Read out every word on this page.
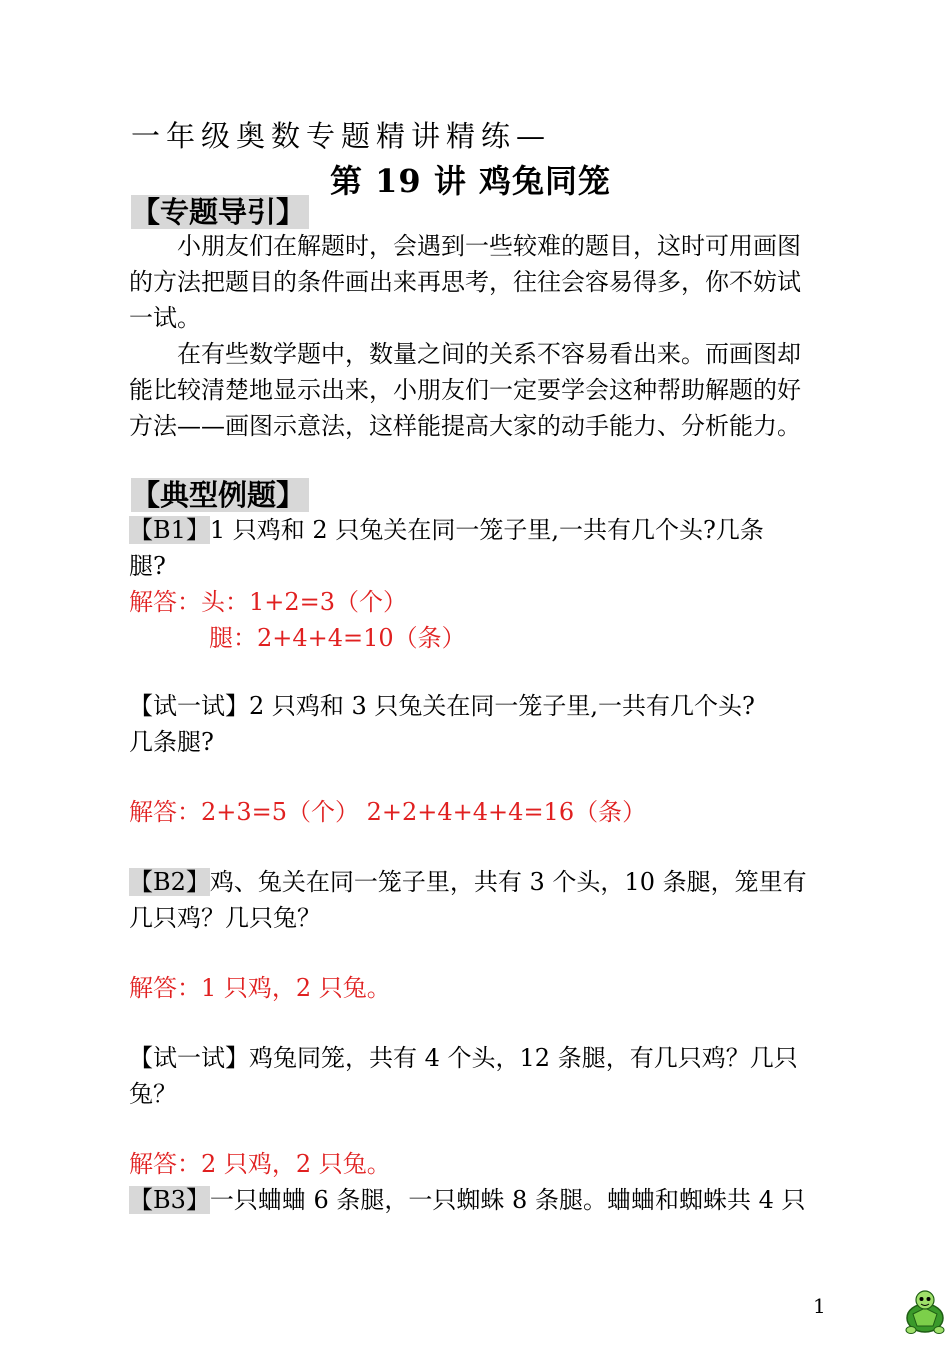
一年级奥数专题精讲精练—
第 19 讲 鸡兔同笼
【专题导引】
小朋友们在解题时，会遇到一些较难的题目，这时可用画图的方法把题目的条件画出来再思考，往往会容易得多，你不妨试一试。
在有些数学题中，数量之间的关系不容易看出来。而画图却能比较清楚地显示出来，小朋友们一定要学会这种帮助解题的好方法——画图示意法，这样能提高大家的动手能力、分析能力。
【典型例题】
【B1】1 只鸡和 2 只兔关在同一笼子里,一共有几个头?几条
腿?
解答：头：1+2=3（个）
腿：2+4+4=10（条）
【试一试】2 只鸡和 3 只兔关在同一笼子里,一共有几个头?
几条腿?
解答：2+3=5（个） 2+2+4+4+4=16（条）
【B2】鸡、兔关在同一笼子里，共有 3 个头，10 条腿，笼里有
几只鸡？几只兔？
解答：1 只鸡，2 只兔。
【试一试】鸡兔同笼，共有 4 个头，12 条腿，有几只鸡？几只
兔？
解答：2 只鸡，2 只兔。
【B3】一只蛐蛐 6 条腿，一只蜘蛛 8 条腿。蛐蛐和蜘蛛共 4 只
1
